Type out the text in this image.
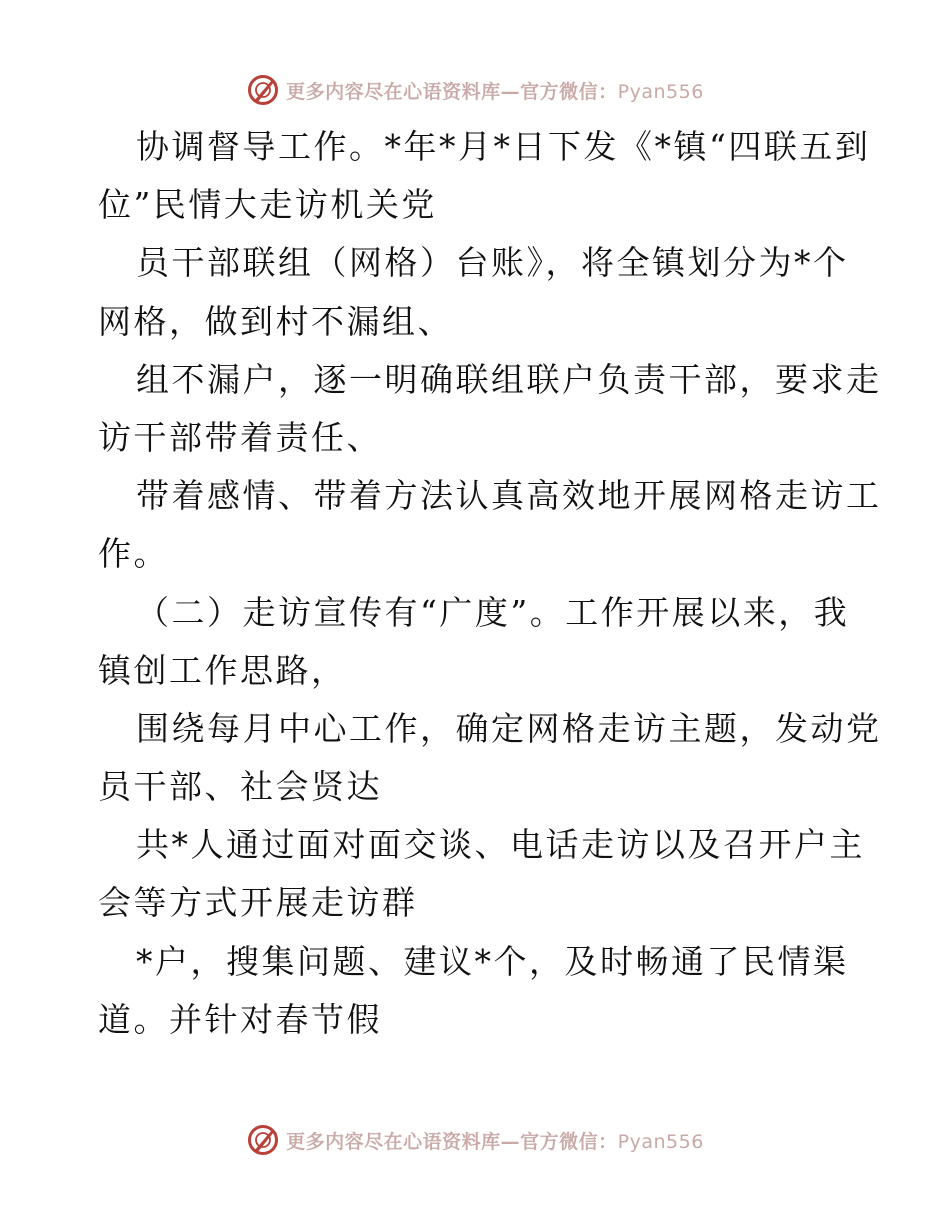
更多内容尽在心语资料库—官方微信：Pyan556
协调督导工作。*年*月*日下发《*镇“四联五到
位”民情大走访机关党
员干部联组（网格）台账》，将全镇划分为*个
网格，做到村不漏组、
组不漏户，逐一明确联组联户负责干部，要求走
访干部带着责任、
带着感情、带着方法认真高效地开展网格走访工
作。
（二）走访宣传有“广度”。工作开展以来，我
镇创工作思路，
围绕每月中心工作，确定网格走访主题，发动党
员干部、社会贤达
共*人通过面对面交谈、电话走访以及召开户主
会等方式开展走访群
*户，搜集问题、建议*个，及时畅通了民情渠
道。并针对春节假
更多内容尽在心语资料库—官方微信：Pyan556
